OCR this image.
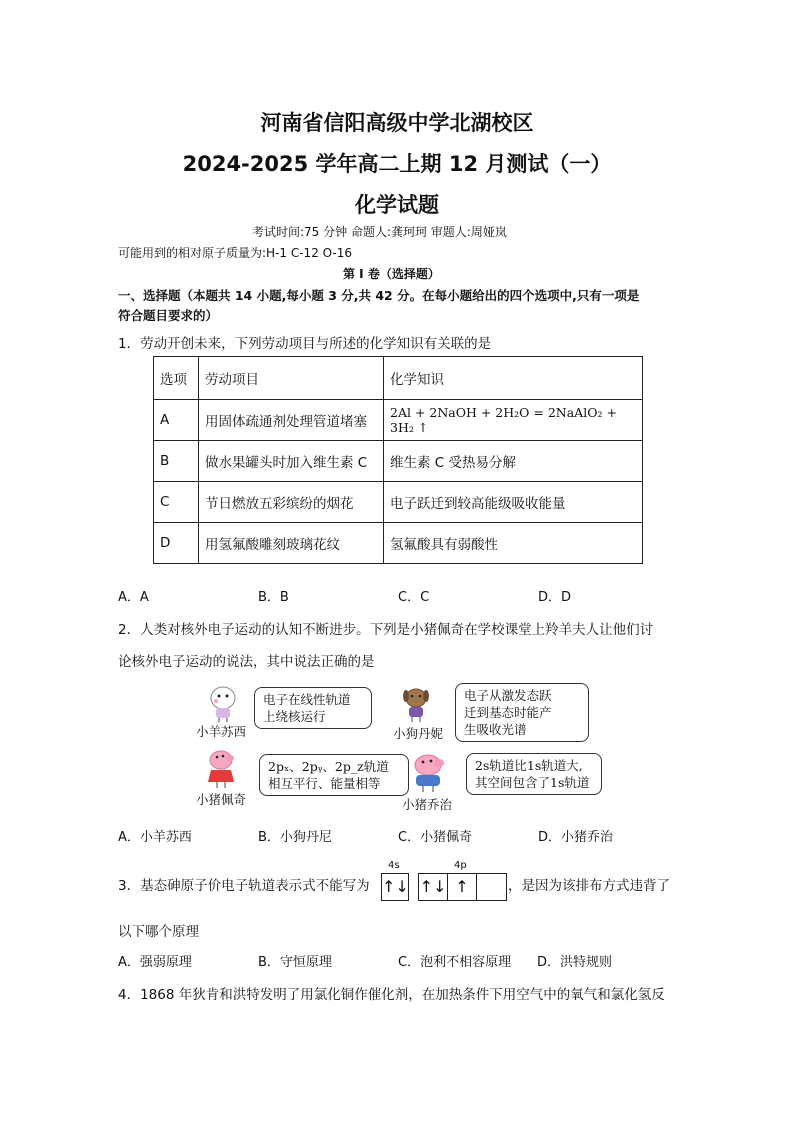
河南省信阳高级中学北湖校区
2024-2025 学年高二上期 12 月测试（一）
化学试题
考试时间:75 分钟 命题人:龚珂珂 审题人:周娅岚
可能用到的相对原子质量为:H-1 C-12 O-16
第 I 卷（选择题）
一、选择题（本题共 14 小题,每小题 3 分,共 42 分。在每小题给出的四个选项中,只有一项是
符合题目要求的）
1．劳动开创未来，下列劳动项目与所述的化学知识有关联的是
选项	劳动项目	化学知识
A	用固体疏通剂处理管道堵塞	2Al + 2NaOH + 2H₂O = 2NaAlO₂ + 3H₂ ↑
B	做水果罐头时加入维生素 C	维生素 C 受热易分解
C	节日燃放五彩缤纷的烟花	电子跃迁到较高能级吸收能量
D	用氢氟酸雕刻玻璃花纹	氢氟酸具有弱酸性
A．A	B．B	C．C	D．D
2．人类对核外电子运动的认知不断进步。下列是小猪佩奇在学校课堂上羚羊夫人让他们讨
论核外电子运动的说法，其中说法正确的是
小羊苏西
电子在线性轨道
上绕核运行
小狗丹妮
电子从激发态跃
迁到基态时能产
生吸收光谱
小猪佩奇
2pₓ、2pᵧ、2p_z轨道
相互平行、能量相等
小猪乔治
2s轨道比1s轨道大,
其空间包含了1s轨道
A．小羊苏西	B．小狗丹尼	C．小猪佩奇	D．小猪乔治
3．基态砷原子价电子轨道表示式不能写为
4s
↑↓
4p
↑↓ ↑	，是因为该排布方式违背了
以下哪个原理
A．强弱原理	B．守恒原理	C．泡利不相容原理 D．洪特规则
4．1868 年狄肯和洪特发明了用氯化铜作催化剂，在加热条件下用空气中的氧气和氯化氢反
